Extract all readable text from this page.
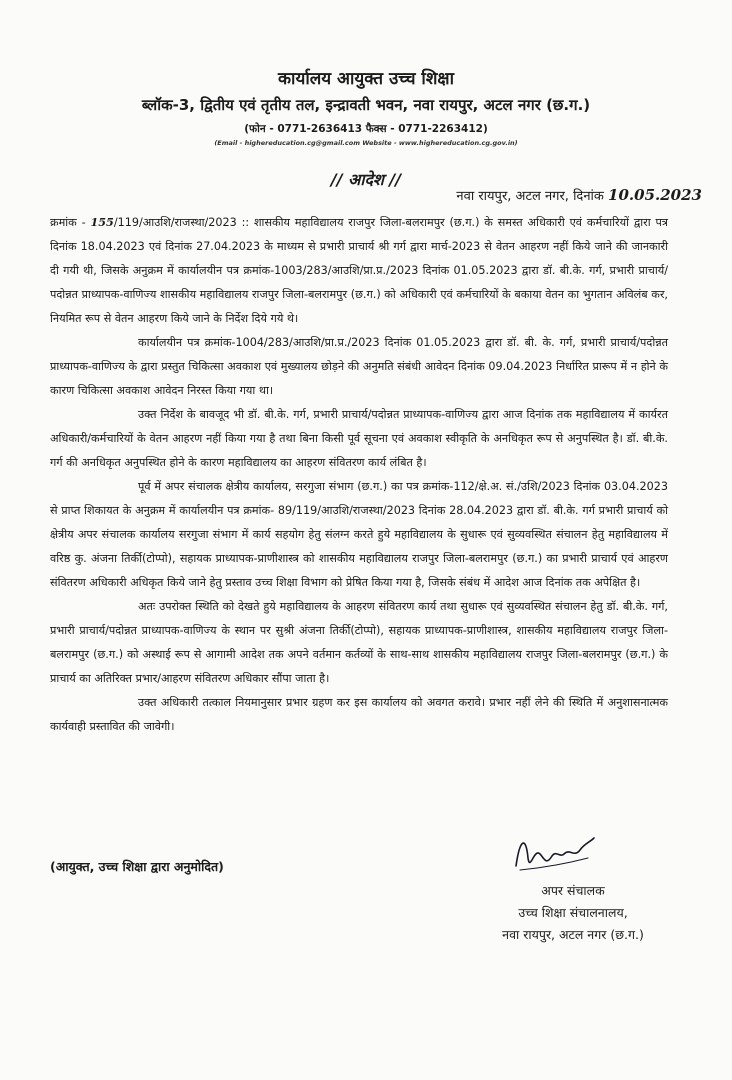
कार्यालय आयुक्त उच्च शिक्षा
ब्लॉक-3, द्वितीय एवं तृतीय तल, इन्द्रावती भवन, नवा रायपुर, अटल नगर (छ.ग.)
(फोन - 0771-2636413 फैक्स - 0771-2263412)
(Email - highereducation.cg@gmail.com Website - www.highereducation.cg.gov.in)
// आदेश //
नवा रायपुर, अटल नगर, दिनांक 10.05.2023

क्रमांक - 155/119/आउशि/राजस्था/2023 :: शासकीय महाविद्यालय राजपुर जिला-बलरामपुर (छ.ग.) के समस्त अधिकारी एवं कर्मचारियों द्वारा पत्र दिनांक 18.04.2023 एवं दिनांक 27.04.2023 के माध्यम से प्रभारी प्राचार्य श्री गर्ग द्वारा मार्च-2023 से वेतन आहरण नहीं किये जाने की जानकारी दी गयी थी, जिसके अनुक्रम में कार्यालयीन पत्र क्रमांक-1003/283/आउशि/प्रा.प्र./2023 दिनांक 01.05.2023 द्वारा डॉ. बी.के. गर्ग, प्रभारी प्राचार्य/पदोन्नत प्राध्यापक-वाणिज्य शासकीय महाविद्यालय राजपुर जिला-बलरामपुर (छ.ग.) को अधिकारी एवं कर्मचारियों के बकाया वेतन का भुगतान अविलंब कर, नियमित रूप से वेतन आहरण किये जाने के निर्देश दिये गये थे।

कार्यालयीन पत्र क्रमांक-1004/283/आउशि/प्रा.प्र./2023 दिनांक 01.05.2023 द्वारा डॉ. बी. के. गर्ग, प्रभारी प्राचार्य/पदोन्नत प्राध्यापक-वाणिज्य के द्वारा प्रस्तुत चिकित्सा अवकाश एवं मुख्यालय छोड़ने की अनुमति संबंधी आवेदन दिनांक 09.04.2023 निर्धारित प्रारूप में न होने के कारण चिकित्सा अवकाश आवेदन निरस्त किया गया था।

उक्त निर्देश के बावजूद भी डॉ. बी.के. गर्ग, प्रभारी प्राचार्य/पदोन्नत प्राध्यापक-वाणिज्य द्वारा आज दिनांक तक महाविद्यालय में कार्यरत अधिकारी/कर्मचारियों के वेतन आहरण नहीं किया गया है तथा बिना किसी पूर्व सूचना एवं अवकाश स्वीकृति के अनधिकृत रूप से अनुपस्थित है। डॉ. बी.के. गर्ग की अनधिकृत अनुपस्थित होने के कारण महाविद्यालय का आहरण संवितरण कार्य लंबित है।

पूर्व में अपर संचालक क्षेत्रीय कार्यालय, सरगुजा संभाग (छ.ग.) का पत्र क्रमांक-112/क्षे.अ. सं./उशि/2023 दिनांक 03.04.2023 से प्राप्त शिकायत के अनुक्रम में कार्यालयीन पत्र क्रमांक- 89/119/आउशि/राजस्था/2023 दिनांक 28.04.2023 द्वारा डॉ. बी.के. गर्ग प्रभारी प्राचार्य को क्षेत्रीय अपर संचालक कार्यालय सरगुजा संभाग में कार्य सहयोग हेतु संलग्न करते हुये महाविद्यालय के सुधारू एवं सुव्यवस्थित संचालन हेतु महाविद्यालय में वरिष्ठ कु. अंजना तिर्की(टोप्पो), सहायक प्राध्यापक-प्राणीशास्त्र को शासकीय महाविद्यालय राजपुर जिला-बलरामपुर (छ.ग.) का प्रभारी प्राचार्य एवं आहरण संवितरण अधिकारी अधिकृत किये जाने हेतु प्रस्ताव उच्च शिक्षा विभाग को प्रेषित किया गया है, जिसके संबंध में आदेश आज दिनांक तक अपेक्षित है।

अतः उपरोक्त स्थिति को देखते हुये महाविद्यालय के आहरण संवितरण कार्य तथा सुधारू एवं सुव्यवस्थित संचालन हेतु डॉ. बी.के. गर्ग, प्रभारी प्राचार्य/पदोन्नत प्राध्यापक-वाणिज्य के स्थान पर सुश्री अंजना तिर्की(टोप्पो), सहायक प्राध्यापक-प्राणीशास्त्र, शासकीय महाविद्यालय राजपुर जिला-बलरामपुर (छ.ग.) को अस्थाई रूप से आगामी आदेश तक अपने वर्तमान कर्तव्यों के साथ-साथ शासकीय महाविद्यालय राजपुर जिला-बलरामपुर (छ.ग.) के प्राचार्य का अतिरिक्त प्रभार/आहरण संवितरण अधिकार सौंपा जाता है।

उक्त अधिकारी तत्काल नियमानुसार प्रभार ग्रहण कर इस कार्यालय को अवगत करावे। प्रभार नहीं लेने की स्थिति में अनुशासनात्मक कार्यवाही प्रस्तावित की जावेगी।

(आयुक्त, उच्च शिक्षा द्वारा अनुमोदित)
अपर संचालक
उच्च शिक्षा संचालनालय,
नवा रायपुर, अटल नगर (छ.ग.)
